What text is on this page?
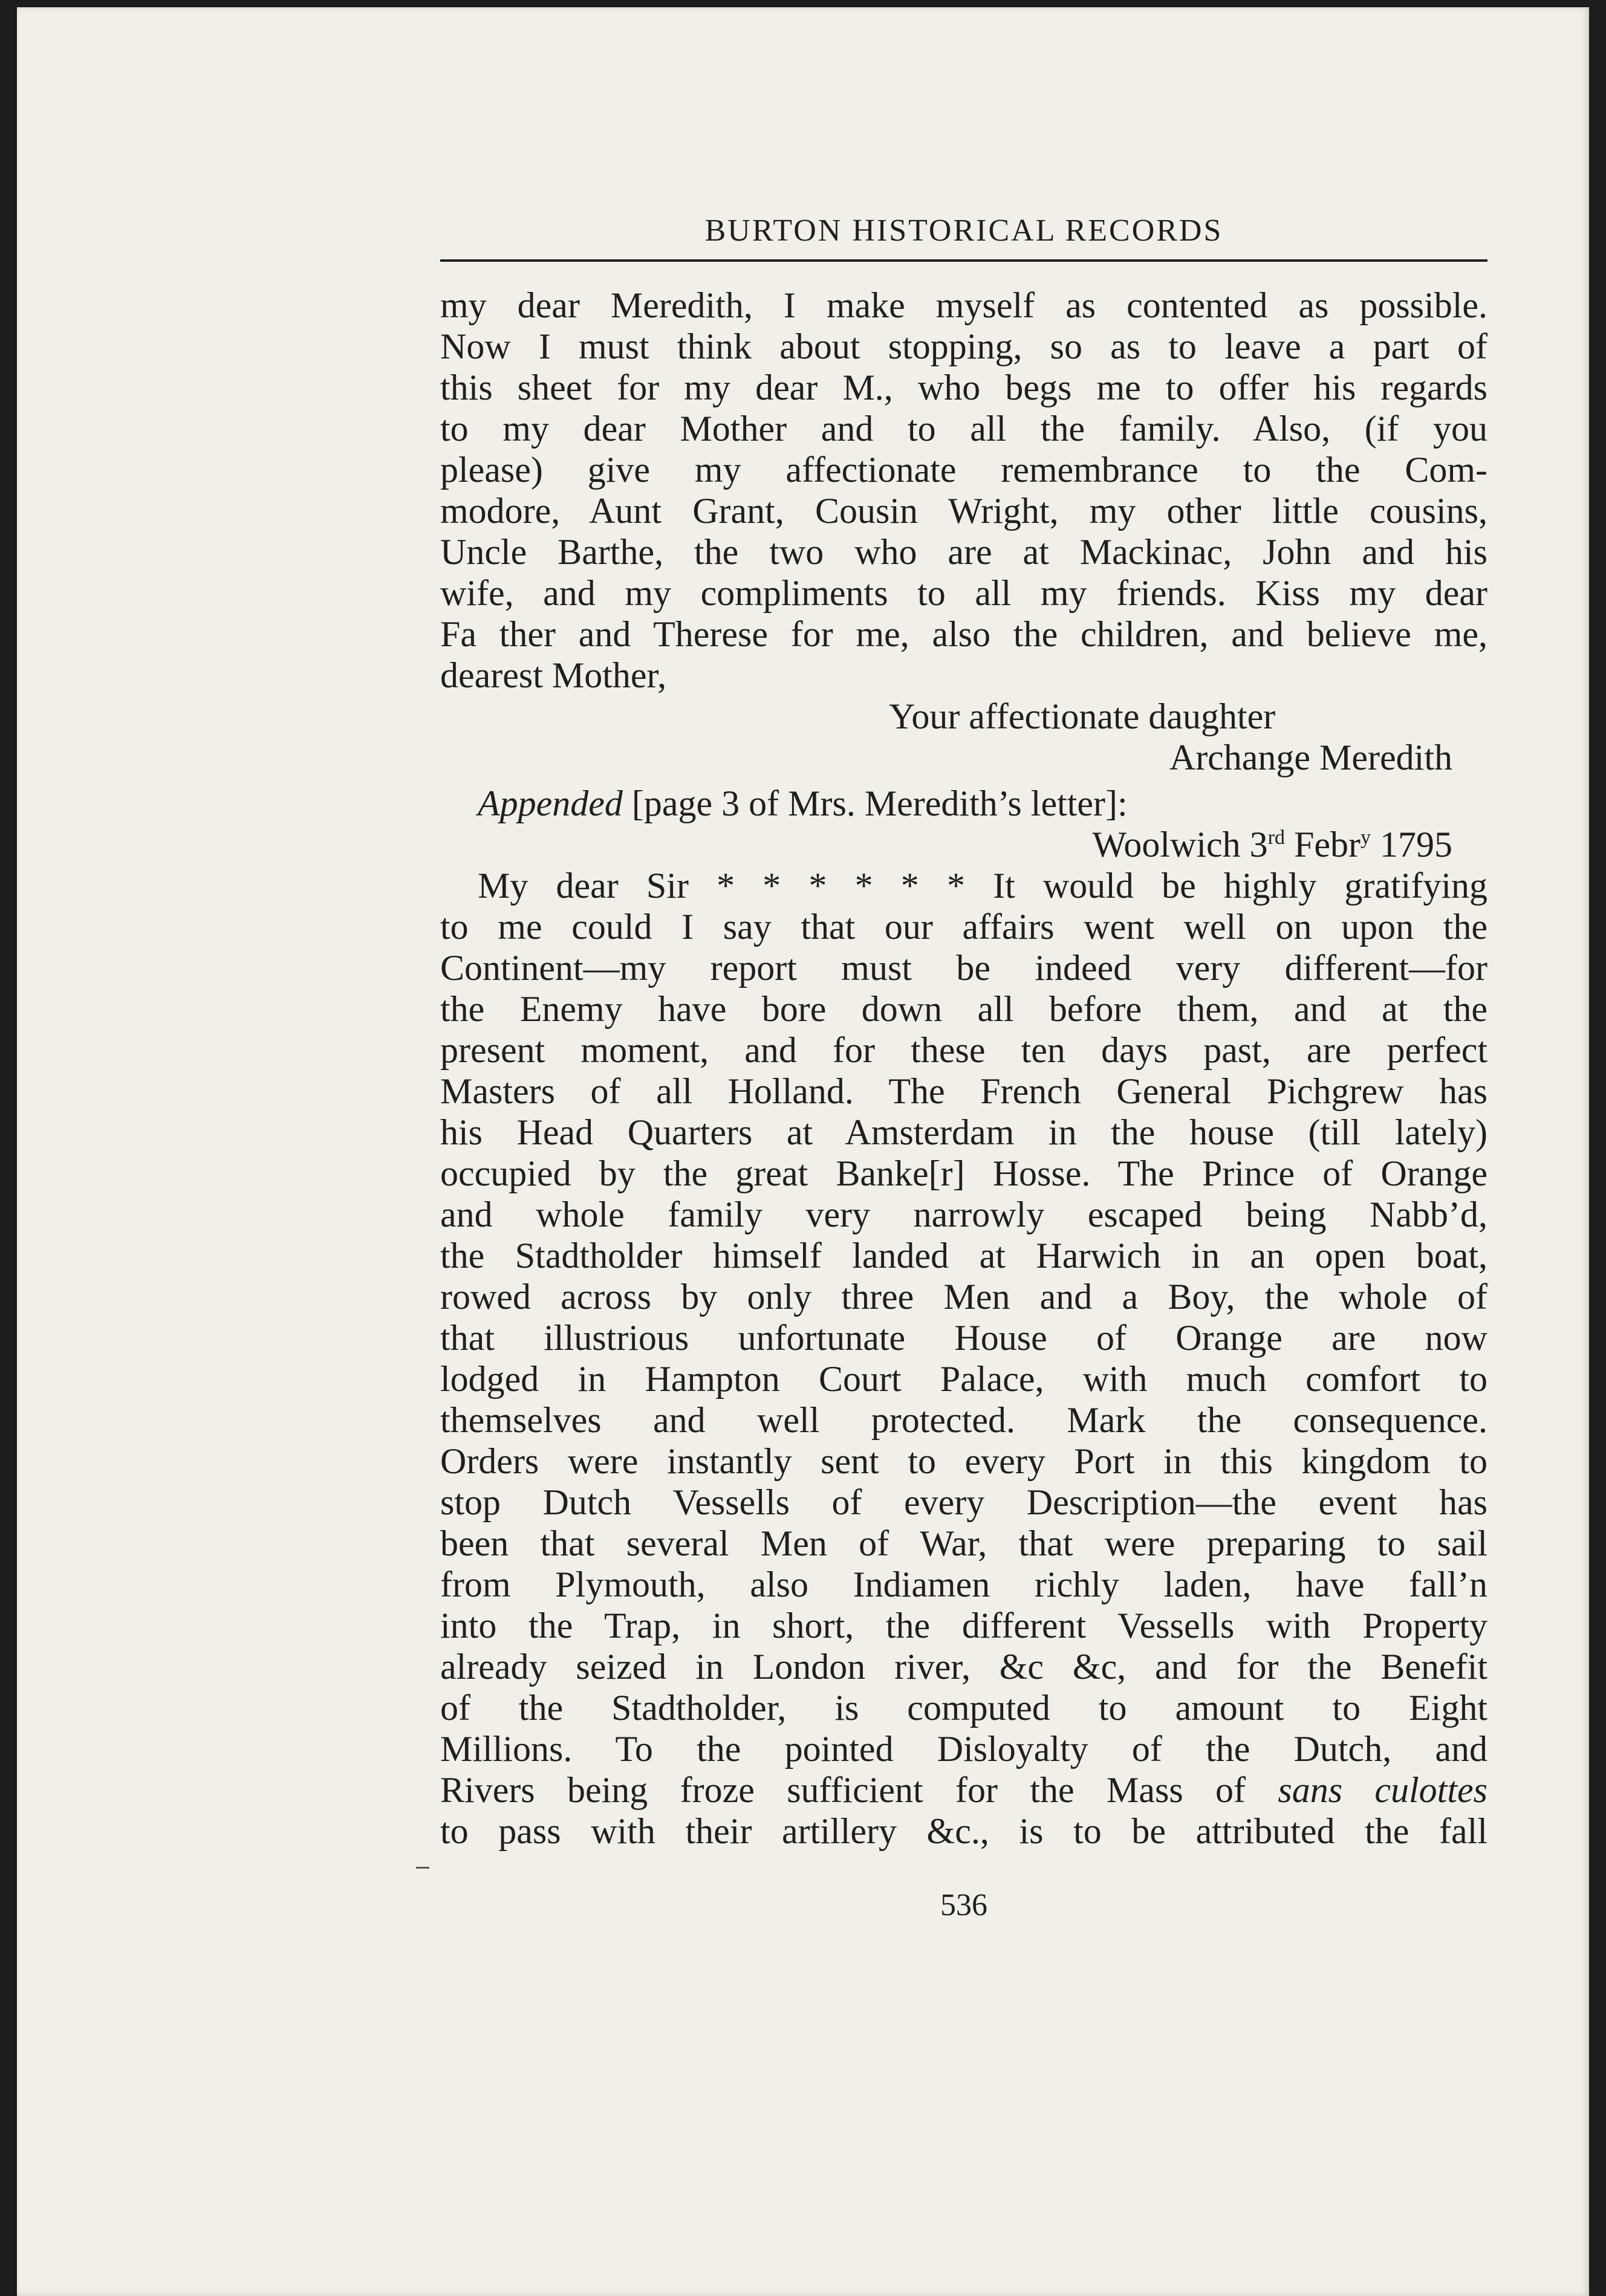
BURTON HISTORICAL RECORDS
my dear Meredith, I make myself as contented as possible.
Now I must think about stopping, so as to leave a part of
this sheet for my dear M., who begs me to offer his regards
to my dear Mother and to all the family. Also, (if you
please) give my affectionate remembrance to the Com-
modore, Aunt Grant, Cousin Wright, my other little cousins,
Uncle Barthe, the two who are at Mackinac, John and his
wife, and my compliments to all my friends. Kiss my dear
Fa ther and Therese for me, also the children, and believe me,
dearest Mother,
Your affectionate daughter
Archange Meredith
Appended [page 3 of Mrs. Meredith’s letter]:
Woolwich 3rd Febr$^y$ 1795
My dear Sir * * * * * * It would be highly gratifying
to me could I say that our affairs went well on upon the
Continent—my report must be indeed very different—for
the Enemy have bore down all before them, and at the
present moment, and for these ten days past, are perfect
Masters of all Holland. The French General Pichgrew has
his Head Quarters at Amsterdam in the house (till lately)
occupied by the great Banke[r] Hosse. The Prince of Orange
and whole family very narrowly escaped being Nabb’d,
the Stadtholder himself landed at Harwich in an open boat,
rowed across by only three Men and a Boy, the whole of
that illustrious unfortunate House of Orange are now
lodged in Hampton Court Palace, with much comfort to
themselves and well protected. Mark the consequence.
Orders were instantly sent to every Port in this kingdom to
stop Dutch Vessells of every Description—the event has
been that several Men of War, that were preparing to sail
from Plymouth, also Indiamen richly laden, have fall’n
into the Trap, in short, the different Vessells with Property
already seized in London river, &c &c, and for the Benefit
of the Stadtholder, is computed to amount to Eight
Millions. To the pointed Disloyalty of the Dutch, and
Rivers being froze sufficient for the Mass of sans culottes
to pass with their artillery &c., is to be attributed the fall
536
